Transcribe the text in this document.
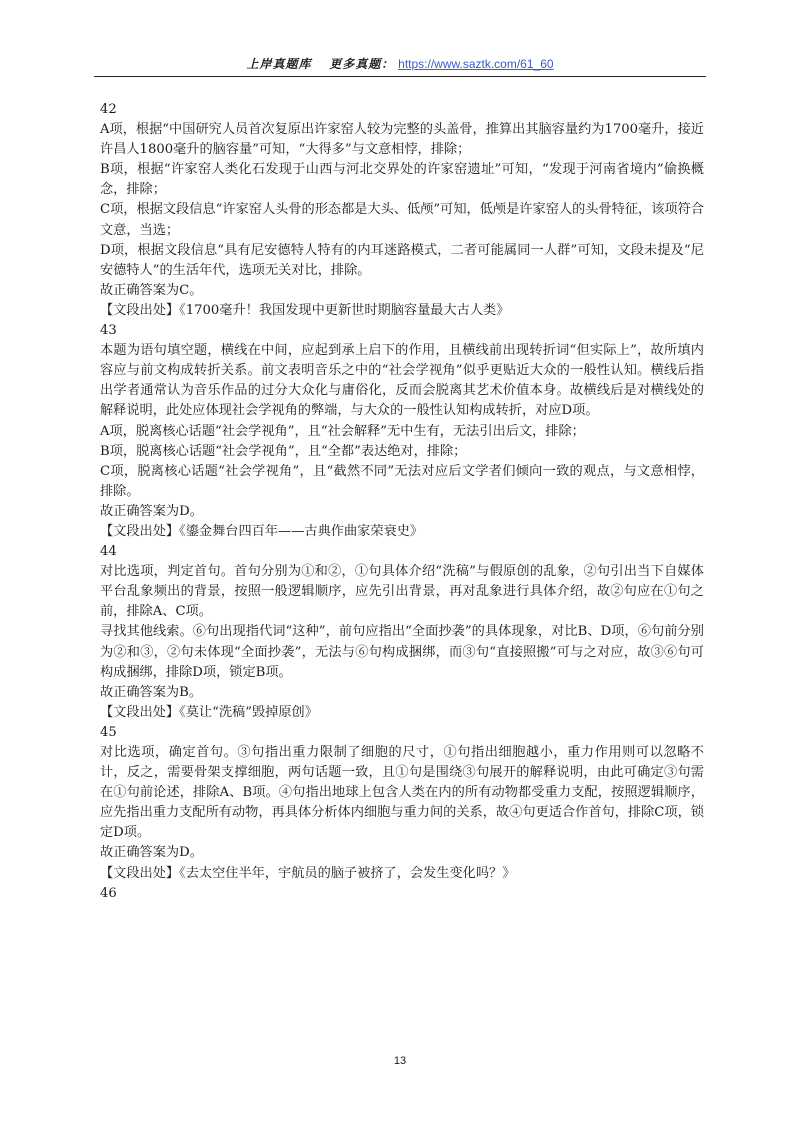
上岸真题库 更多真题： https://www.saztk.com/61_60

42

A项，根据“中国研究人员首次复原出许家窑人较为完整的头盖骨，推算出其脑容量约为1700毫升，接近许昌人1800毫升的脑容量”可知，“大得多”与文意相悖，排除；

B项，根据“许家窑人类化石发现于山西与河北交界处的许家窑遗址”可知，“发现于河南省境内”偷换概念，排除；

C项，根据文段信息“许家窑人头骨的形态都是大头、低颅”可知，低颅是许家窑人的头骨特征，该项符合文意，当选；

D项，根据文段信息“具有尼安德特人特有的内耳迷路模式，二者可能属同一人群”可知，文段未提及“尼安德特人”的生活年代，选项无关对比，排除。

故正确答案为C。

【文段出处】《1700毫升！我国发现中更新世时期脑容量最大古人类》

43

本题为语句填空题，横线在中间，应起到承上启下的作用，且横线前出现转折词“但实际上”，故所填内容应与前文构成转折关系。前文表明音乐之中的“社会学视角”似乎更贴近大众的一般性认知。横线后指出学者通常认为音乐作品的过分大众化与庸俗化，反而会脱离其艺术价值本身。故横线后是对横线处的解释说明，此处应体现社会学视角的弊端，与大众的一般性认知构成转折，对应D项。

A项，脱离核心话题“社会学视角”，且“社会解释”无中生有，无法引出后文，排除；

B项，脱离核心话题“社会学视角”，且“全都”表达绝对，排除；

C项，脱离核心话题“社会学视角”，且“截然不同”无法对应后文学者们倾向一致的观点，与文意相悖，排除。

故正确答案为D。

【文段出处】《鎏金舞台四百年——古典作曲家荣衰史》

44

对比选项，判定首句。首句分别为①和②，①句具体介绍“洗稿”与假原创的乱象，②句引出当下自媒体平台乱象频出的背景，按照一般逻辑顺序，应先引出背景，再对乱象进行具体介绍，故②句应在①句之前，排除A、C项。

寻找其他线索。⑥句出现指代词“这种”，前句应指出“全面抄袭”的具体现象，对比B、D项，⑥句前分别为②和③，②句未体现“全面抄袭”，无法与⑥句构成捆绑，而③句“直接照搬”可与之对应，故③⑥句可构成捆绑，排除D项，锁定B项。

故正确答案为B。

【文段出处】《莫让“洗稿”毁掉原创》

45

对比选项，确定首句。③句指出重力限制了细胞的尺寸，①句指出细胞越小，重力作用则可以忽略不计，反之，需要骨架支撑细胞，两句话题一致，且①句是围绕③句展开的解释说明，由此可确定③句需在①句前论述，排除A、B项。④句指出地球上包含人类在内的所有动物都受重力支配，按照逻辑顺序，应先指出重力支配所有动物，再具体分析体内细胞与重力间的关系，故④句更适合作首句，排除C项，锁定D项。

故正确答案为D。

【文段出处】《去太空住半年，宇航员的脑子被挤了，会发生变化吗？》

46

13
